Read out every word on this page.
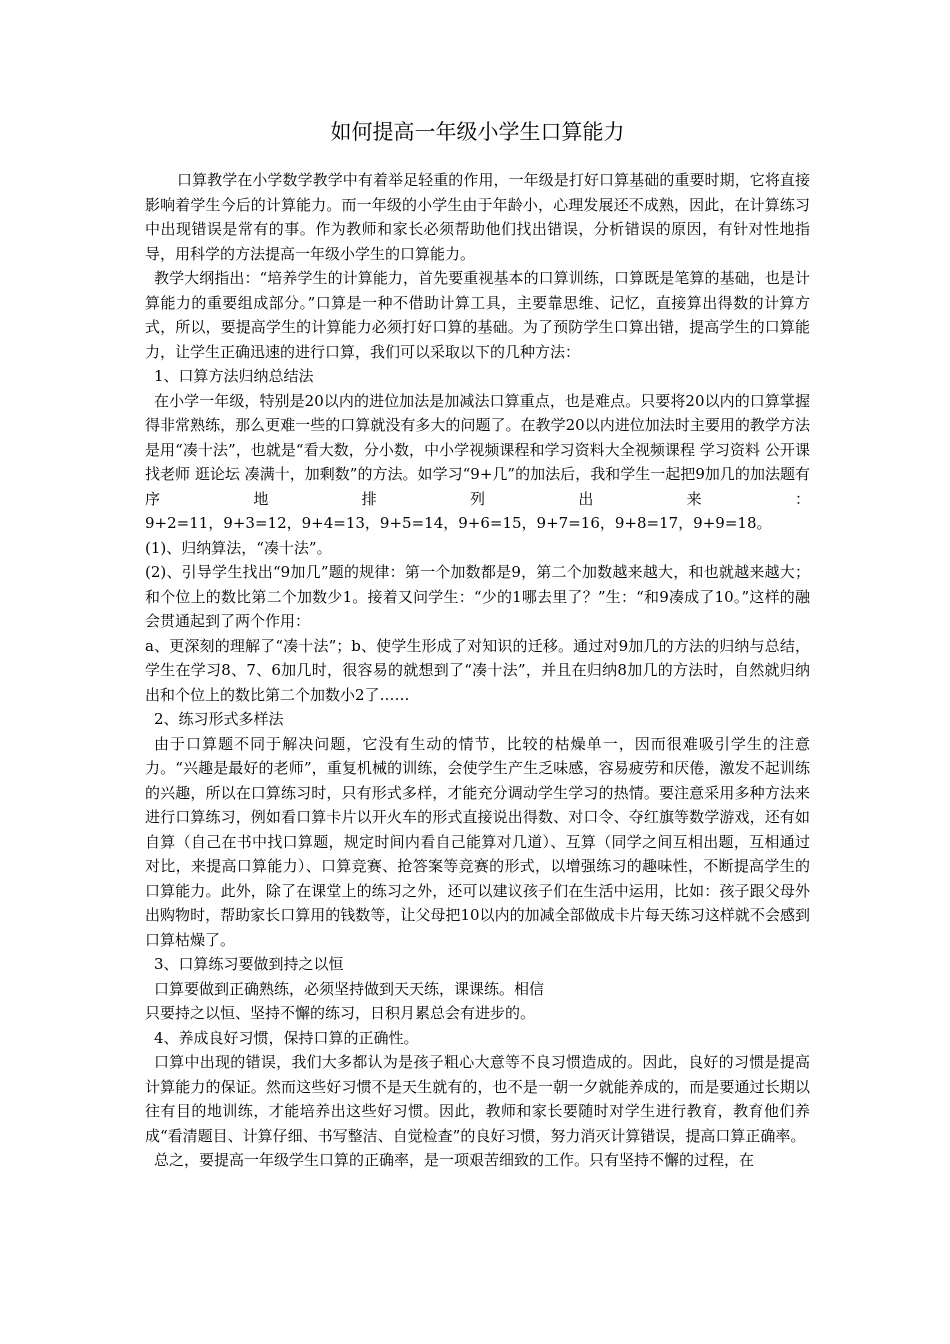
如何提高一年级小学生口算能力

口算教学在小学数学教学中有着举足轻重的作用，一年级是打好口算基础的重要时期，它将直接影响着学生今后的计算能力。而一年级的小学生由于年龄小，心理发展还不成熟，因此，在计算练习中出现错误是常有的事。作为教师和家长必须帮助他们找出错误，分析错误的原因，有针对性地指导，用科学的方法提高一年级小学生的口算能力。

教学大纲指出：“培养学生的计算能力，首先要重视基本的口算训练，口算既是笔算的基础，也是计算能力的重要组成部分。”口算是一种不借助计算工具，主要靠思维、记忆，直接算出得数的计算方式，所以，要提高学生的计算能力必须打好口算的基础。为了预防学生口算出错，提高学生的口算能力，让学生正确迅速的进行口算，我们可以采取以下的几种方法：

1、口算方法归纳总结法

在小学一年级，特别是20以内的进位加法是加减法口算重点，也是难点。只要将20以内的口算掌握得非常熟练，那么更难一些的口算就没有多大的问题了。在教学20以内进位加法时主要用的教学方法是用“凑十法”，也就是“看大数，分小数，中小学视频课程和学习资料大全视频课程 学习资料 公开课 找老师 逛论坛 凑满十，加剩数”的方法。如学习“9+几”的加法后，我和学生一起把9加几的加法题有序地排列出来：

9+2=11，9+3=12，9+4=13，9+5=14，9+6=15，9+7=16，9+8=17，9+9=18。

(1)、归纳算法，“凑十法”。

(2)、引导学生找出“9加几”题的规律：第一个加数都是9，第二个加数越来越大，和也就越来越大；和个位上的数比第二个加数少1。接着又问学生：“少的1哪去里了？”生：“和9凑成了10。”这样的融会贯通起到了两个作用：

a、更深刻的理解了“凑十法”；b、使学生形成了对知识的迁移。通过对9加几的方法的归纳与总结，学生在学习8、7、6加几时，很容易的就想到了“凑十法”，并且在归纳8加几的方法时，自然就归纳出和个位上的数比第二个加数小2了……

2、练习形式多样法

由于口算题不同于解决问题，它没有生动的情节，比较的枯燥单一，因而很难吸引学生的注意力。“兴趣是最好的老师”，重复机械的训练，会使学生产生乏味感，容易疲劳和厌倦，激发不起训练的兴趣，所以在口算练习时，只有形式多样，才能充分调动学生学习的热情。要注意采用多种方法来进行口算练习，例如看口算卡片以开火车的形式直接说出得数、对口令、夺红旗等数学游戏，还有如自算（自己在书中找口算题，规定时间内看自己能算对几道）、互算（同学之间互相出题，互相通过对比，来提高口算能力）、口算竞赛、抢答案等竞赛的形式，以增强练习的趣味性，不断提高学生的口算能力。此外，除了在课堂上的练习之外，还可以建议孩子们在生活中运用，比如：孩子跟父母外出购物时，帮助家长口算用的钱数等，让父母把10以内的加减全部做成卡片每天练习这样就不会感到口算枯燥了。

3、口算练习要做到持之以恒

口算要做到正确熟练，必须坚持做到天天练，课课练。相信

只要持之以恒、坚持不懈的练习，日积月累总会有进步的。

4、养成良好习惯，保持口算的正确性。

口算中出现的错误，我们大多都认为是孩子粗心大意等不良习惯造成的。因此，良好的习惯是提高计算能力的保证。然而这些好习惯不是天生就有的，也不是一朝一夕就能养成的，而是要通过长期以往有目的地训练，才能培养出这些好习惯。因此，教师和家长要随时对学生进行教育，教育他们养成“看清题目、计算仔细、书写整洁、自觉检查”的良好习惯，努力消灭计算错误，提高口算正确率。

总之，要提高一年级学生口算的正确率，是一项艰苦细致的工作。只有坚持不懈的过程，在
